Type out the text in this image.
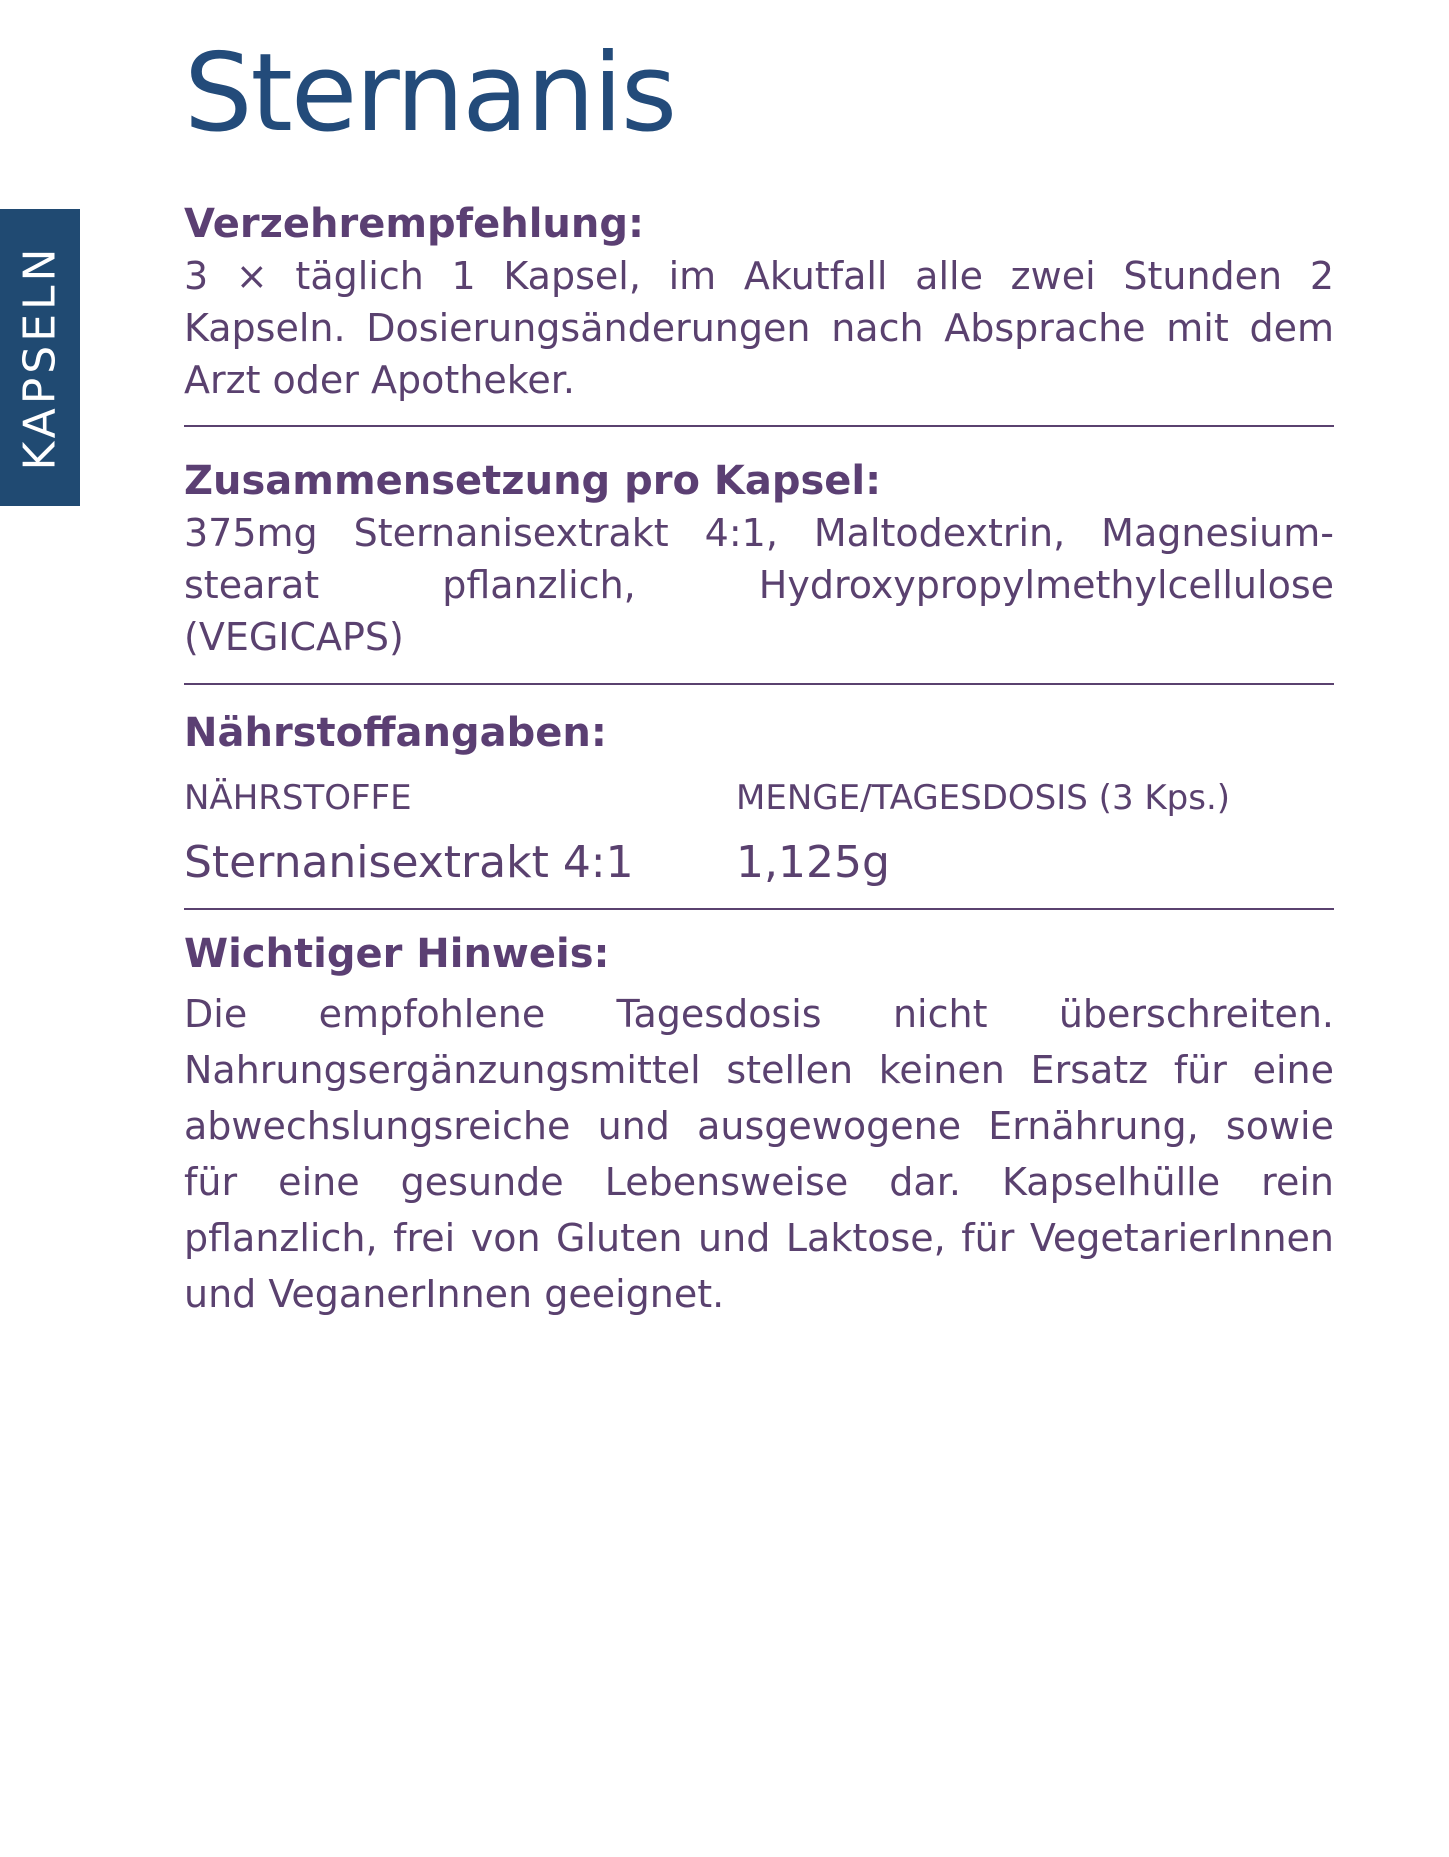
KAPSELN
Sternanis

Verzehrempfehlung:

3 × täglich 1 Kapsel, im Akutfall alle zwei Stunden 2 Kapseln. Dosierungsänderungen nach Absprache mit dem Arzt oder Apotheker.

Zusammensetzung pro Kapsel:

375mg Sternanisextrakt 4:1, Maltodextrin, Magnesium-stearat pflanzlich, Hydroxypropylmethylcellulose (VEGICAPS)

Nährstoffangaben:

NÄHRSTOFFE	MENGE/TAGESDOSIS (3 Kps.)
Sternanisextrakt 4:1 1,125g

Wichtiger Hinweis:

Die empfohlene Tagesdosis nicht überschreiten. Nahrungsergänzungsmittel stellen keinen Ersatz für eine abwechslungsreiche und ausgewogene Ernährung, sowie für eine gesunde Lebensweise dar. Kapselhülle rein pflanzlich, frei von Gluten und Laktose, für VegetarierInnen und VeganerInnen geeignet.
